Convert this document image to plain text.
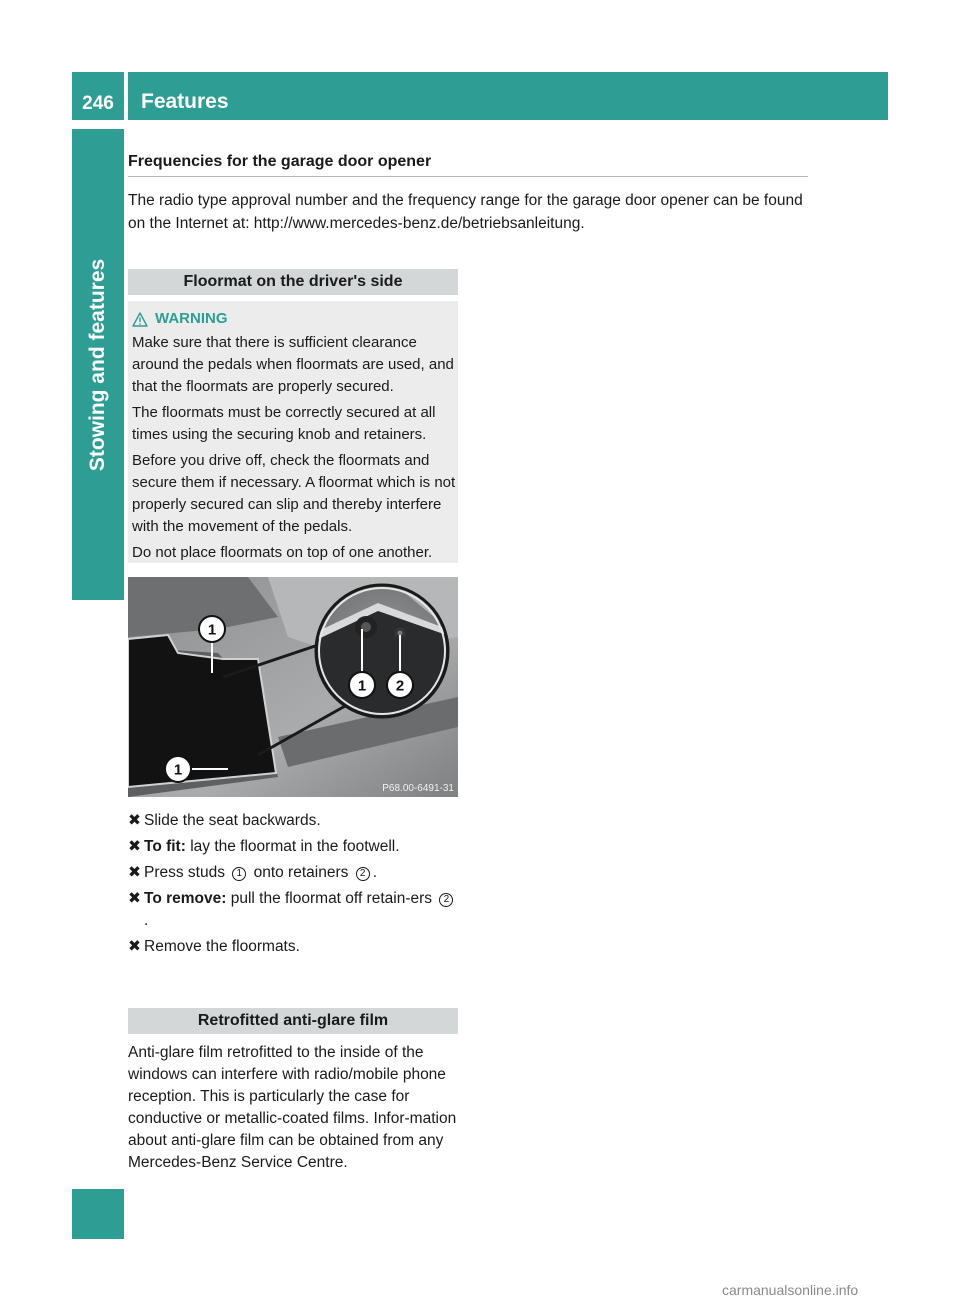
246	Features
Stowing and features
Frequencies for the garage door opener
The radio type approval number and the frequency range for the garage door opener can be found on the Internet at: http://www.mercedes-benz.de/betriebsanleitung.
Floormat on the driver's side
WARNING

Make sure that there is sufficient clearance around the pedals when floormats are used, and that the floormats are properly secured.

The floormats must be correctly secured at all times using the securing knob and retainers.

Before you drive off, check the floormats and secure them if necessary. A floormat which is not properly secured can slip and thereby interfere with the movement of the pedals.

Do not place floormats on top of one another.

1
1
1 2
P68.00-6491-31
✖ Slide the seat backwards.
✖ To fit: lay the floormat in the footwell.
✖ Press studs 1 onto retainers 2 .
✖ To remove: pull the floormat off retain-ers 2.
✖ Remove the floormats.
Retrofitted anti-glare film
Anti-glare film retrofitted to the inside of the windows can interfere with radio/mobile phone reception. This is particularly the case for conductive or metallic-coated films. Infor-mation about anti-glare film can be obtained from any Mercedes-Benz Service Centre.
carmanualsonline.info
